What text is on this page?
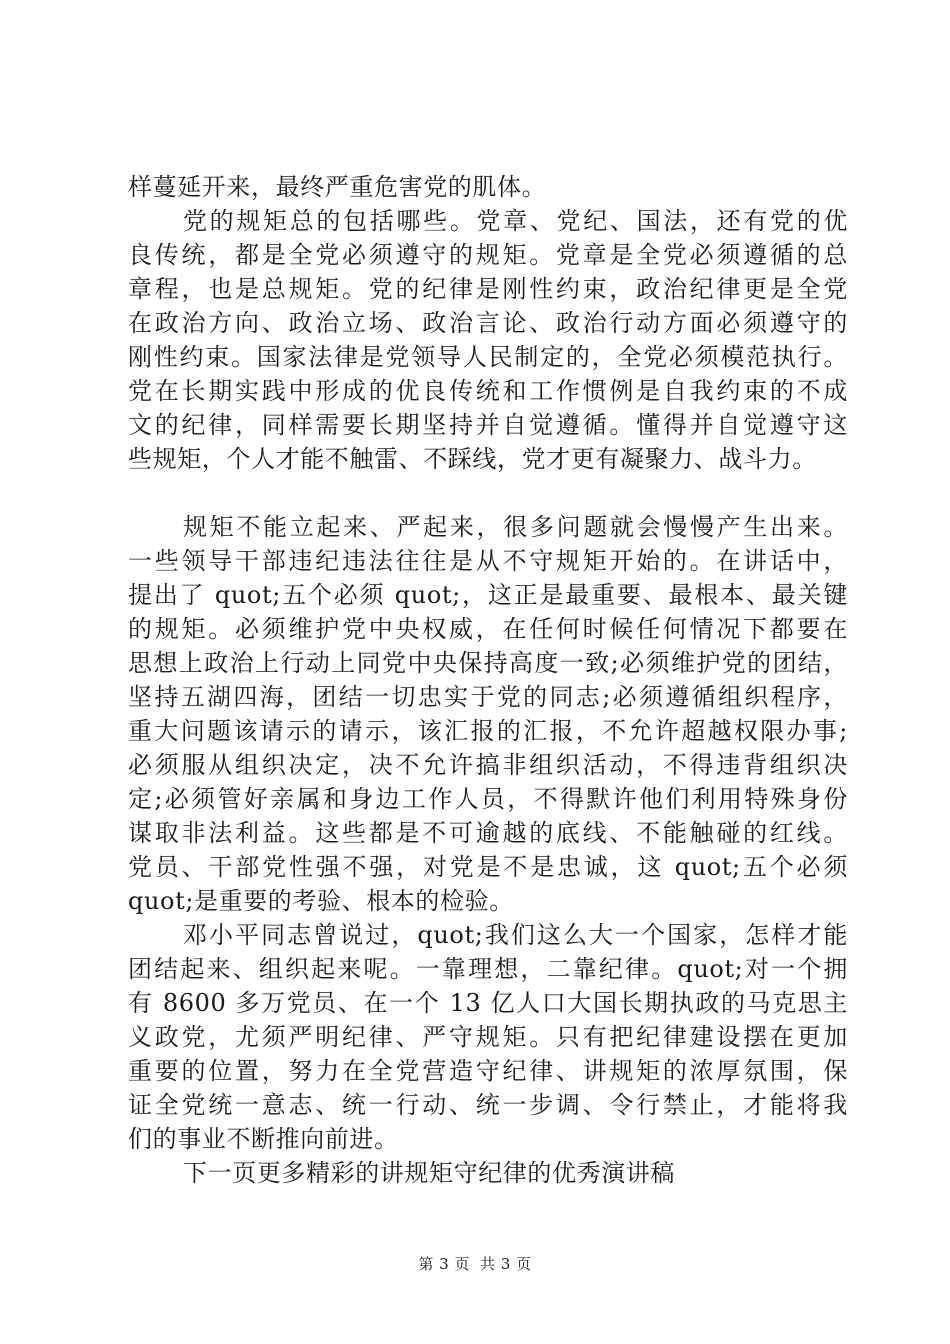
样蔓延开来，最终严重危害党的肌体。
党的规矩总的包括哪些。党章、党纪、国法，还有党的优
良传统，都是全党必须遵守的规矩。党章是全党必须遵循的总
章程，也是总规矩。党的纪律是刚性约束，政治纪律更是全党
在政治方向、政治立场、政治言论、政治行动方面必须遵守的
刚性约束。国家法律是党领导人民制定的，全党必须模范执行。
党在长期实践中形成的优良传统和工作惯例是自我约束的不成
文的纪律，同样需要长期坚持并自觉遵循。懂得并自觉遵守这
些规矩，个人才能不触雷、不踩线，党才更有凝聚力、战斗力。
规矩不能立起来、严起来，很多问题就会慢慢产生出来。
一些领导干部违纪违法往往是从不守规矩开始的。在讲话中，
提出了 quot;五个必须 quot;，这正是最重要、最根本、最关键
的规矩。必须维护党中央权威，在任何时候任何情况下都要在
思想上政治上行动上同党中央保持高度一致;必须维护党的团结，
坚持五湖四海，团结一切忠实于党的同志;必须遵循组织程序，
重大问题该请示的请示，该汇报的汇报，不允许超越权限办事;
必须服从组织决定，决不允许搞非组织活动，不得违背组织决
定;必须管好亲属和身边工作人员，不得默许他们利用特殊身份
谋取非法利益。这些都是不可逾越的底线、不能触碰的红线。
党员、干部党性强不强，对党是不是忠诚，这 quot;五个必须
quot;是重要的考验、根本的检验。
邓小平同志曾说过，quot;我们这么大一个国家，怎样才能
团结起来、组织起来呢。一靠理想，二靠纪律。quot;对一个拥
有 8600 多万党员、在一个 13 亿人口大国长期执政的马克思主
义政党，尤须严明纪律、严守规矩。只有把纪律建设摆在更加
重要的位置，努力在全党营造守纪律、讲规矩的浓厚氛围，保
证全党统一意志、统一行动、统一步调、令行禁止，才能将我
们的事业不断推向前进。
下一页更多精彩的讲规矩守纪律的优秀演讲稿
第 3 页 共 3 页
